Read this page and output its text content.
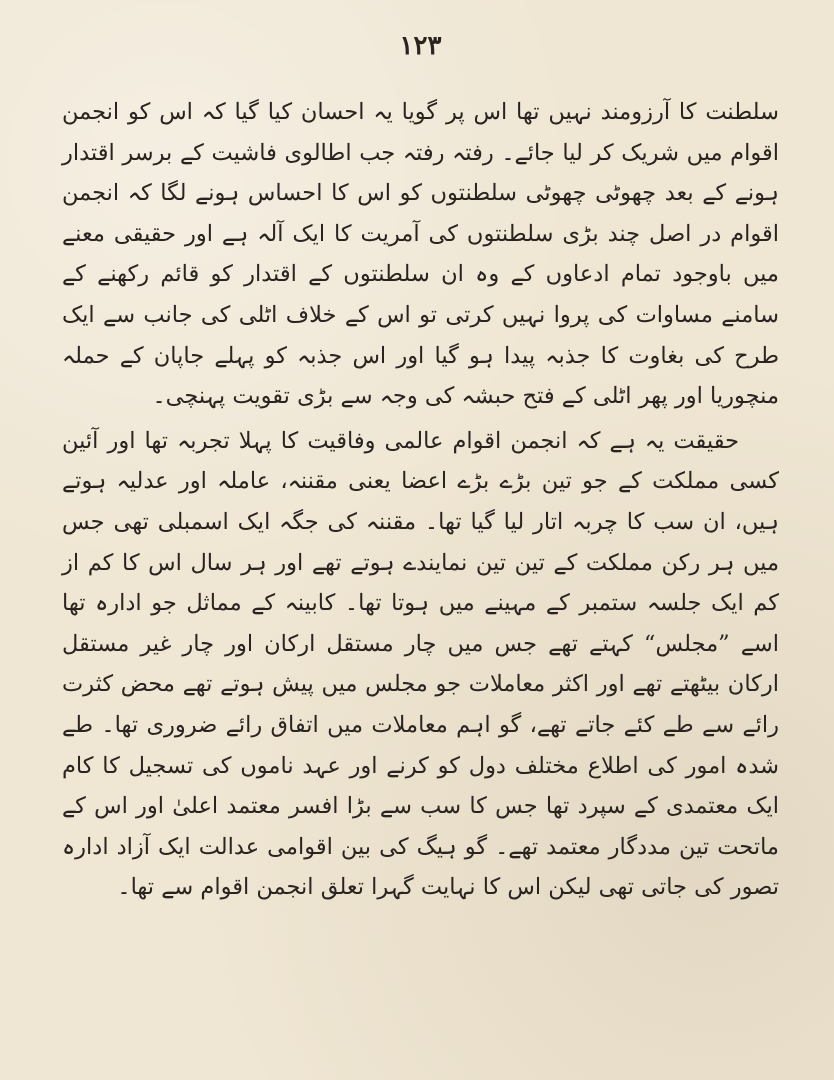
۱۲۳

سلطنت کا آرزومند نہیں تھا اس پر گویا یہ احسان کیا گیا کہ اس کو انجمن اقوام میں شریک کر لیا جائے۔ رفتہ رفتہ جب اطالوی فاشیت کے برسر اقتدار ہونے کے بعد چھوٹی چھوٹی سلطنتوں کو اس کا احساس ہونے لگا کہ انجمن اقوام در اصل چند بڑی سلطنتوں کی آمریت کا ایک آلہ ہے اور حقیقی معنے میں باوجود تمام ادعاوں کے وہ ان سلطنتوں کے اقتدار کو قائم رکھنے کے سامنے مساوات کی پروا نہیں کرتی تو اس کے خلاف اٹلی کی جانب سے ایک طرح کی بغاوت کا جذبہ پیدا ہو گیا اور اس جذبہ کو پہلے جاپان کے حملہ منچوریا اور پھر اٹلی کے فتح حبشہ کی وجہ سے بڑی تقویت پہنچی۔

حقیقت یہ ہے کہ انجمن اقوام عالمی وفاقیت کا پہلا تجربہ تھا اور آئین کسی مملکت کے جو تین بڑے بڑے اعضا یعنی مقننہ، عاملہ اور عدلیہ ہوتے ہیں، ان سب کا چربہ اتار لیا گیا تھا۔ مقننہ کی جگہ ایک اسمبلی تھی جس میں ہر رکن مملکت کے تین تین نمایندے ہوتے تھے اور ہر سال اس کا کم از کم ایک جلسہ ستمبر کے مہینے میں ہوتا تھا۔ کابینہ کے مماثل جو ادارہ تھا اسے ”مجلس“ کہتے تھے جس میں چار مستقل ارکان اور چار غیر مستقل ارکان بیٹھتے تھے اور اکثر معاملات جو مجلس میں پیش ہوتے تھے محض کثرت رائے سے طے کئے جاتے تھے، گو اہم معاملات میں اتفاق رائے ضروری تھا۔ طے شدہ امور کی اطلاع مختلف دول کو کرنے اور عہد ناموں کی تسجیل کا کام ایک معتمدی کے سپرد تھا جس کا سب سے بڑا افسر معتمد اعلیٰ اور اس کے ماتحت تین مددگار معتمد تھے۔ گو ہیگ کی بین اقوامی عدالت ایک آزاد ادارہ تصور کی جاتی تھی لیکن اس کا نہایت گہرا تعلق انجمن اقوام سے تھا۔
